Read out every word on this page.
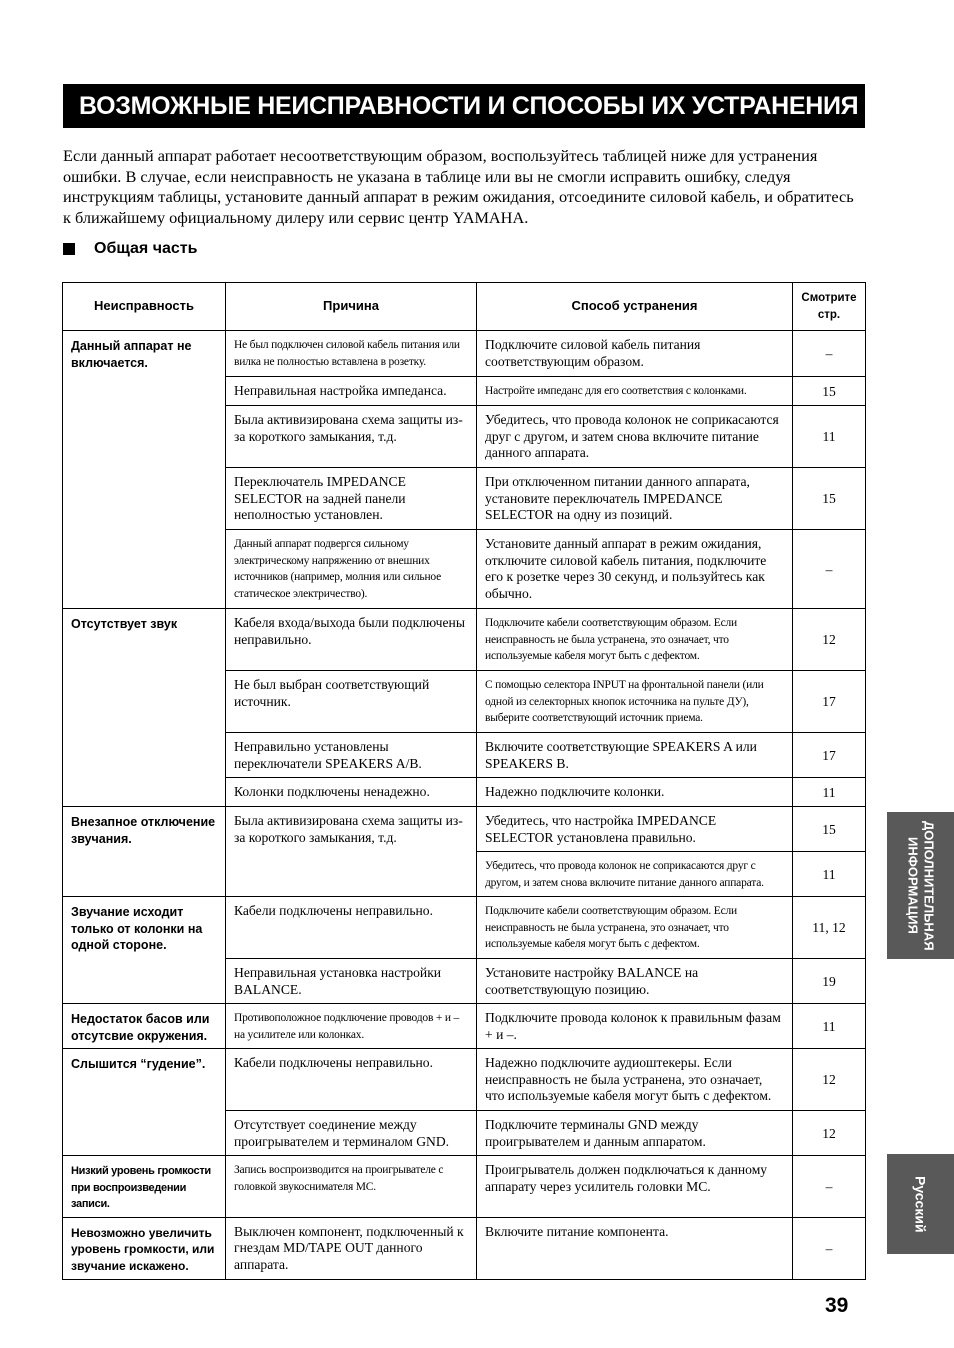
ВОЗМОЖНЫЕ НЕИСПРАВНОСТИ И СПОСОБЫ ИХ УСТРАНЕНИЯ

Если данный аппарат работает несоответствующим образом, воспользуйтесь таблицей ниже для устранения ошибки. В случае, если неисправность не указана в таблице или вы не смогли исправить ошибку, следуя инструкциям таблицы, установите данный аппарат в режим ожидания, отсоедините силовой кабель, и обратитесь к ближайшему официальному дилеру или сервис центр YAMAHA.

Общая часть
Неисправность	Причина	Способ устранения	Смотрите стр.
Данный аппарат не включается.	Не был подключен силовой кабель питания или вилка не полностью вставлена в розетку.	Подключите силовой кабель питания соответствующим образом.	–
	Неправильная настройка импеданса.	Настройте импеданс для его соответствия с колонками.	15
	Была активизирована схема защиты из-за короткого замыкания, т.д.	Убедитесь, что провода колонок не соприкасаются друг с другом, и затем снова включите питание данного аппарата.	11
	Переключатель IMPEDANCE SELECTOR на задней панели неполностью установлен.	При отключенном питании данного аппарата, установите переключатель IMPEDANCE SELECTOR на одну из позиций.	15
	Данный аппарат подвергся сильному электрическому напряжению от внешних источников (например, молния или сильное статическое электричество).	Установите данный аппарат в режим ожидания, отключите силовой кабель питания, подключите его к розетке через 30 секунд, и пользуйтесь как обычно.	–
Отсутствует звук	Кабеля входа/выхода были подключены неправильно.	Подключите кабели соответствующим образом. Если неисправность не была устранена, это означает, что используемые кабеля могут быть с дефектом.	12
	Не был выбран соответствующий источник.	С помощью селектора INPUT на фронтальной панели (или одной из селекторных кнопок источника на пульте ДУ), выберите соответствующий источник приема.	17
	Неправильно установлены переключатели SPEAKERS A/B.	Включите соответствующие SPEAKERS A или SPEAKERS B.	17
	Колонки подключены ненадежно.	Надежно подключите колонки.	11
Внезапное отключение звучания.	Была активизирована схема защиты из-за короткого замыкания, т.д.	Убедитесь, что настройка IMPEDANCE SELECTOR установлена правильно.	15
		Убедитесь, что провода колонок не соприкасаются друг с другом, и затем снова включите питание данного аппарата.	11
Звучание исходит только от колонки на одной стороне.	Кабели подключены неправильно.	Подключите кабели соответствующим образом. Если неисправность не была устранена, это означает, что используемые кабеля могут быть с дефектом.	11, 12
	Неправильная установка настройки BALANCE.	Установите настройку BALANCE на соответствующую позицию.	19
Недостаток басов или отсутсвие окружения.	Противоположное подключение проводов + и – на усилителе или колонках.	Подключите провода колонок к правильным фазам + и –.	11
Слышится “гудение”.	Кабели подключены неправильно.	Надежно подключите аудиоштекеры. Если неисправность не была устранена, это означает, что используемые кабеля могут быть с дефектом.	12
	Отсутствует соединение между проигрывателем и терминалом GND.	Подключите терминалы GND между проигрывателем и данным аппаратом.	12
Низкий уровень громкости при воспроизведении записи.	Запись воспроизводится на проигрывателе с головкой звукоснимателя MC.	Проигрыватель должен подключаться к данному аппарату через усилитель головки MC.	–
Невозможно увеличить уровень громкости, или звучание искажено.	Выключен компонент, подключенный к гнездам MD/TAPE OUT данного аппарата.	Включите питание компонента.	–
ДОПОЛНИТЕЛЬНАЯ ИНФОРМАЦИЯ
Русский
39
